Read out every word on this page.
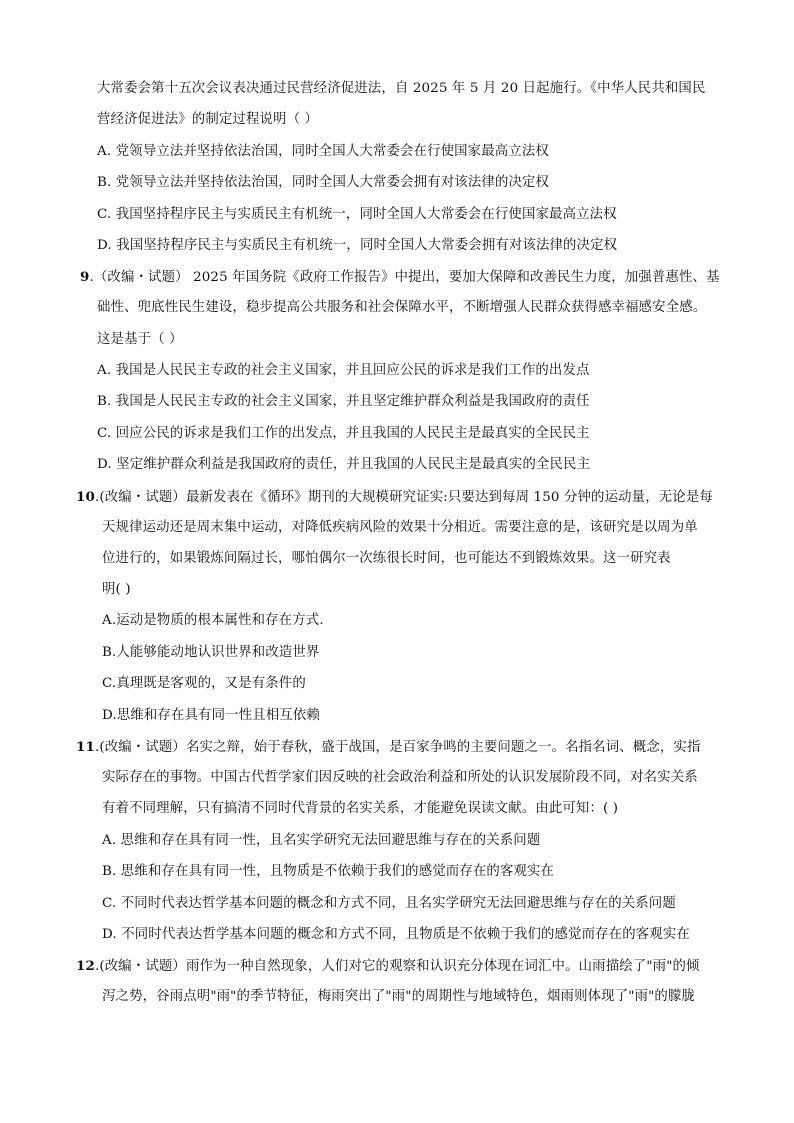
大常委会第十五次会议表决通过民营经济促进法，自 2025 年 5 月 20 日起施行。《中华人民共和国民
营经济促进法》的制定过程说明（ ）
A. 党领导立法并坚持依法治国，同时全国人大常委会在行使国家最高立法权
B. 党领导立法并坚持依法治国，同时全国人大常委会拥有对该法律的决定权
C. 我国坚持程序民主与实质民主有机统一，同时全国人大常委会在行使国家最高立法权
D. 我国坚持程序民主与实质民主有机统一，同时全国人大常委会拥有对该法律的决定权
9.（改编・试题） 2025 年国务院《政府工作报告》中提出，要加大保障和改善民生力度，加强普惠性、基
础性、兜底性民生建设，稳步提高公共服务和社会保障水平，不断增强人民群众获得感幸福感安全感。
这是基于（ ）
A. 我国是人民民主专政的社会主义国家，并且回应公民的诉求是我们工作的出发点
B. 我国是人民民主专政的社会主义国家，并且坚定维护群众利益是我国政府的责任
C. 回应公民的诉求是我们工作的出发点，并且我国的人民民主是最真实的全民民主
D. 坚定维护群众利益是我国政府的责任，并且我国的人民民主是最真实的全民民主
10.(改编・试题）最新发表在《循环》期刊的大规模研究证实:只要达到每周 150 分钟的运动量，无论是每
天规律运动还是周末集中运动，对降低疾病风险的效果十分相近。需要注意的是，该研究是以周为单
位进行的，如果锻炼间隔过长，哪怕偶尔一次练很长时间，也可能达不到锻炼效果。这一研究表
明( )
A.运动是物质的根本属性和存在方式.
B.人能够能动地认识世界和改造世界
C.真理既是客观的，又是有条件的
D.思维和存在具有同一性且相互依赖
11.(改编・试题）名实之辩，始于春秋，盛于战国，是百家争鸣的主要问题之一。名指名词、概念，实指
实际存在的事物。中国古代哲学家们因反映的社会政治利益和所处的认识发展阶段不同，对名实关系
有着不同理解，只有搞清不同时代背景的名实关系，才能避免误读文献。由此可知：( )
A. 思维和存在具有同一性，且名实学研究无法回避思维与存在的关系问题
B. 思维和存在具有同一性，且物质是不依赖于我们的感觉而存在的客观实在
C. 不同时代表达哲学基本问题的概念和方式不同，且名实学研究无法回避思维与存在的关系问题
D. 不同时代表达哲学基本问题的概念和方式不同，且物质是不依赖于我们的感觉而存在的客观实在
12.(改编・试题）雨作为一种自然现象，人们对它的观察和认识充分体现在词汇中。山雨描绘了"雨"的倾
泻之势，谷雨点明"雨"的季节特征，梅雨突出了"雨"的周期性与地域特色，烟雨则体现了"雨"的朦胧
